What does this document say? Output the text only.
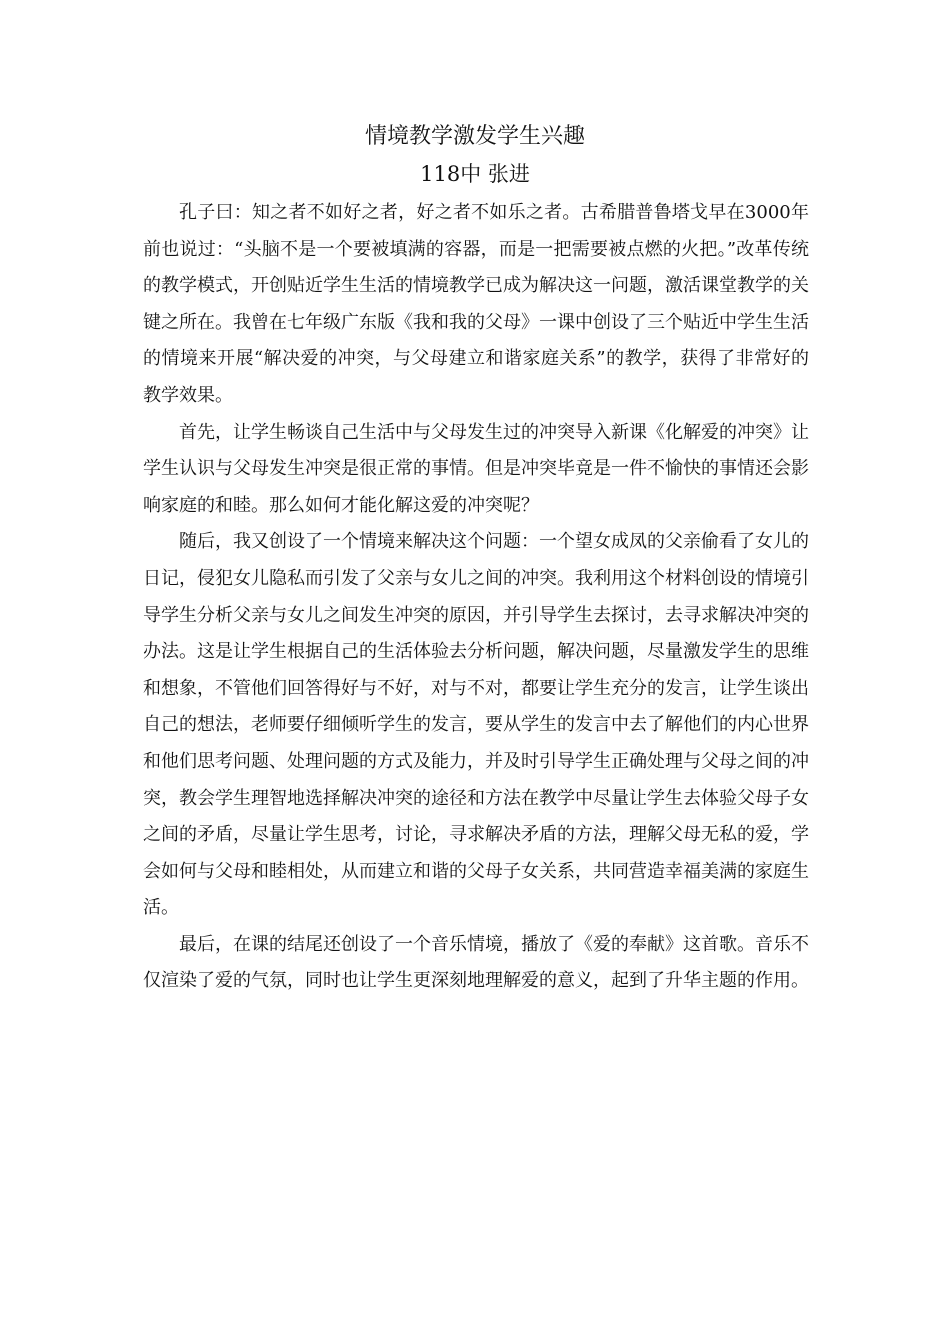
情境教学激发学生兴趣
118中 张进

孔子曰：知之者不如好之者，好之者不如乐之者。古希腊普鲁塔戈早在3000年前也说过：“头脑不是一个要被填满的容器，而是一把需要被点燃的火把。”改革传统的教学模式，开创贴近学生生活的情境教学已成为解决这一问题，激活课堂教学的关键之所在。我曾在七年级广东版《我和我的父母》一课中创设了三个贴近中学生生活的情境来开展“解决爱的冲突，与父母建立和谐家庭关系”的教学，获得了非常好的教学效果。

首先，让学生畅谈自己生活中与父母发生过的冲突导入新课《化解爱的冲突》让学生认识与父母发生冲突是很正常的事情。但是冲突毕竟是一件不愉快的事情还会影响家庭的和睦。那么如何才能化解这爱的冲突呢？

随后，我又创设了一个情境来解决这个问题：一个望女成凤的父亲偷看了女儿的日记，侵犯女儿隐私而引发了父亲与女儿之间的冲突。我利用这个材料创设的情境引导学生分析父亲与女儿之间发生冲突的原因，并引导学生去探讨，去寻求解决冲突的办法。这是让学生根据自己的生活体验去分析问题，解决问题，尽量激发学生的思维和想象，不管他们回答得好与不好，对与不对，都要让学生充分的发言，让学生谈出自己的想法，老师要仔细倾听学生的发言，要从学生的发言中去了解他们的内心世界和他们思考问题、处理问题的方式及能力，并及时引导学生正确处理与父母之间的冲突，教会学生理智地选择解决冲突的途径和方法在教学中尽量让学生去体验父母子女之间的矛盾，尽量让学生思考，讨论，寻求解决矛盾的方法，理解父母无私的爱，学会如何与父母和睦相处，从而建立和谐的父母子女关系，共同营造幸福美满的家庭生活。

最后，在课的结尾还创设了一个音乐情境，播放了《爱的奉献》这首歌。音乐不仅渲染了爱的气氛，同时也让学生更深刻地理解爱的意义，起到了升华主题的作用。
